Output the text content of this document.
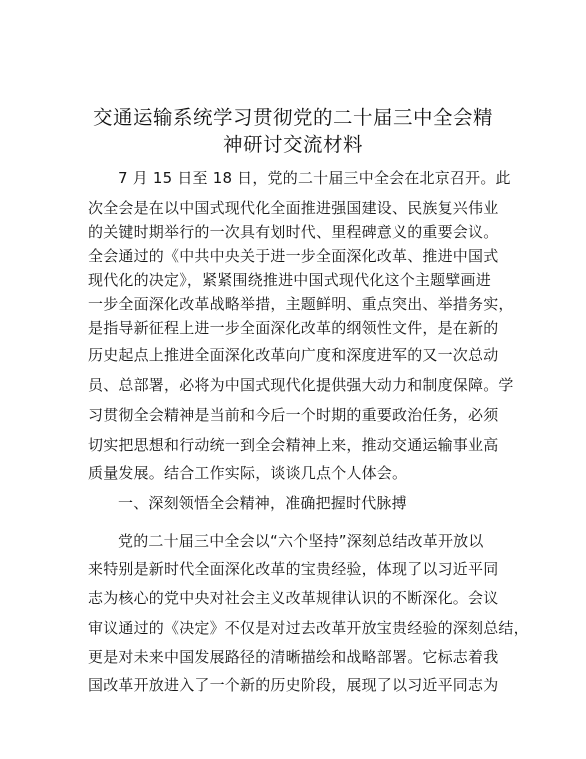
交通运输系统学习贯彻党的二十届三中全会精
神研讨交流材料
7 月 15 日至 18 日，党的二十届三中全会在北京召开。此
次全会是在以中国式现代化全面推进强国建设、民族复兴伟业
的关键时期举行的一次具有划时代、里程碑意义的重要会议。
全会通过的《中共中央关于进一步全面深化改革、推进中国式
现代化的决定》，紧紧围绕推进中国式现代化这个主题擘画进
一步全面深化改革战略举措，主题鲜明、重点突出、举措务实，
是指导新征程上进一步全面深化改革的纲领性文件，是在新的
历史起点上推进全面深化改革向广度和深度进军的又一次总动
员、总部署，必将为中国式现代化提供强大动力和制度保障。学
习贯彻全会精神是当前和今后一个时期的重要政治任务，必须
切实把思想和行动统一到全会精神上来，推动交通运输事业高
质量发展。结合工作实际，谈谈几点个人体会。
一、深刻领悟全会精神，准确把握时代脉搏
党的二十届三中全会以“六个坚持”深刻总结改革开放以
来特别是新时代全面深化改革的宝贵经验，体现了以习近平同
志为核心的党中央对社会主义改革规律认识的不断深化。会议
审议通过的《决定》不仅是对过去改革开放宝贵经验的深刻总结，
更是对未来中国发展路径的清晰描绘和战略部署。它标志着我
国改革开放进入了一个新的历史阶段，展现了以习近平同志为
